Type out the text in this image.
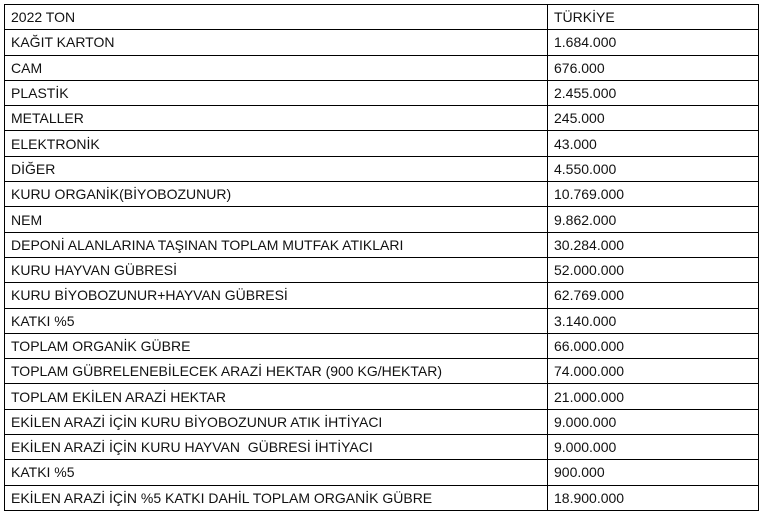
2022 TON	TÜRKİYE
KAĞIT KARTON	1.684.000
CAM	676.000
PLASTİK	2.455.000
METALLER	245.000
ELEKTRONİK	43.000
DİĞER	4.550.000
KURU ORGANİK(BİYOBOZUNUR)	10.769.000
NEM	9.862.000
DEPONİ ALANLARINA TAŞINAN TOPLAM MUTFAK ATIKLARI	30.284.000
KURU HAYVAN GÜBRESİ	52.000.000
KURU BİYOBOZUNUR+HAYVAN GÜBRESİ	62.769.000
KATKI %5	3.140.000
TOPLAM ORGANİK GÜBRE	66.000.000
TOPLAM GÜBRELENEBİLECEK ARAZİ HEKTAR (900 KG/HEKTAR)	74.000.000
TOPLAM EKİLEN ARAZİ HEKTAR	21.000.000
EKİLEN ARAZİ İÇİN KURU BİYOBOZUNUR ATIK İHTİYACI	9.000.000
EKİLEN ARAZİ İÇİN KURU HAYVAN  GÜBRESİ İHTİYACI	9.000.000
KATKI %5	900.000
EKİLEN ARAZİ İÇİN %5 KATKI DAHİL TOPLAM ORGANİK GÜBRE	18.900.000
